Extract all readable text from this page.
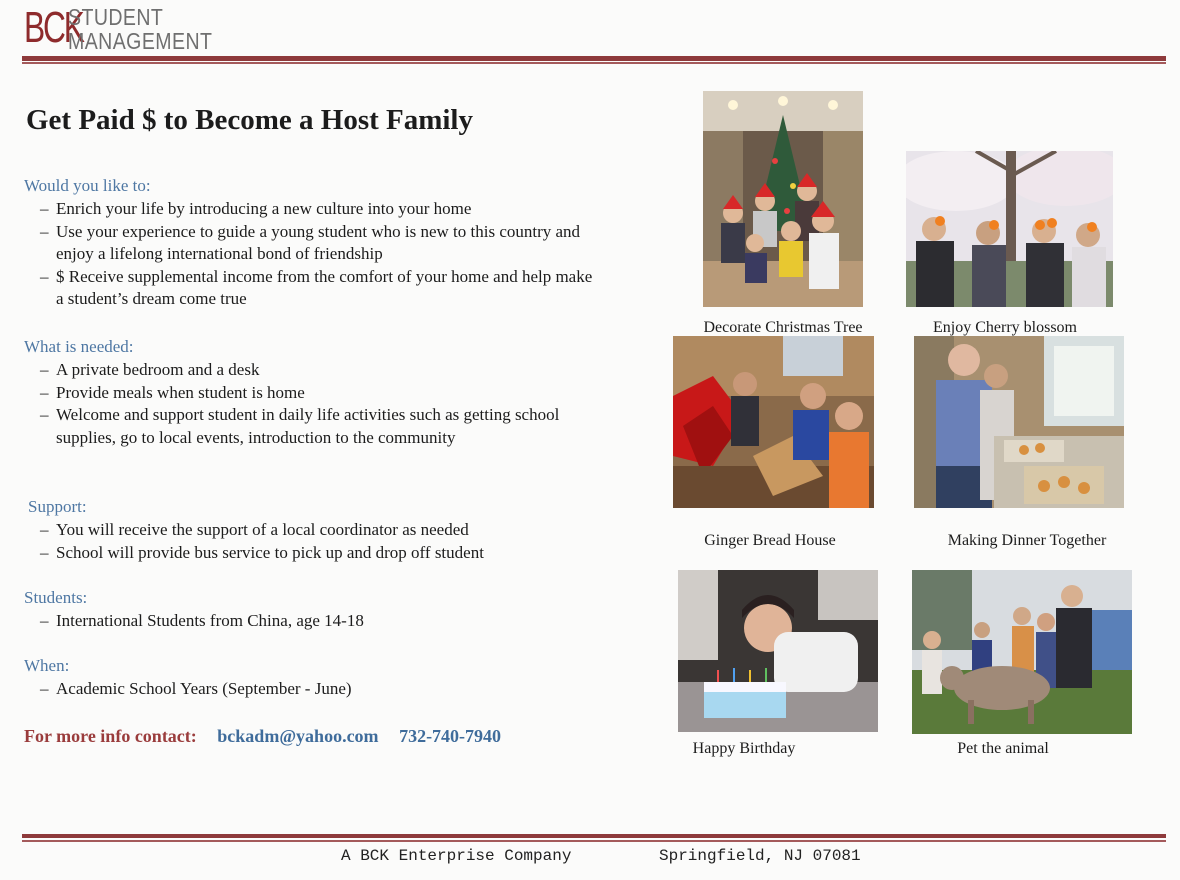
BCK
STUDENT
MANAGEMENT
Get Paid $ to Become a Host Family
Would you like to:
– Enrich your life by introducing a new culture into your home
– Use your experience to guide a young student who is new to this country and enjoy a lifelong international bond of friendship
– $ Receive supplemental income from the comfort of your home and help make a student’s dream come true
What is needed:
– A private bedroom and a desk
– Provide meals when student is home
– Welcome and support student in daily life activities such as getting school supplies, go to local events, introduction to the community
Support:
– You will receive the support of a local coordinator as needed
– School will provide bus service to pick up and drop off student
Students:
– International Students from China, age 14-18
When:
– Academic School Years (September - June)
For more info contact: bckadm@yahoo.com 732-740-7940
Decorate Christmas Tree	Enjoy Cherry blossom
Ginger Bread House	Making Dinner Together
Happy Birthday	Pet the animal
A BCK Enterprise Company	Springfield, NJ 07081
